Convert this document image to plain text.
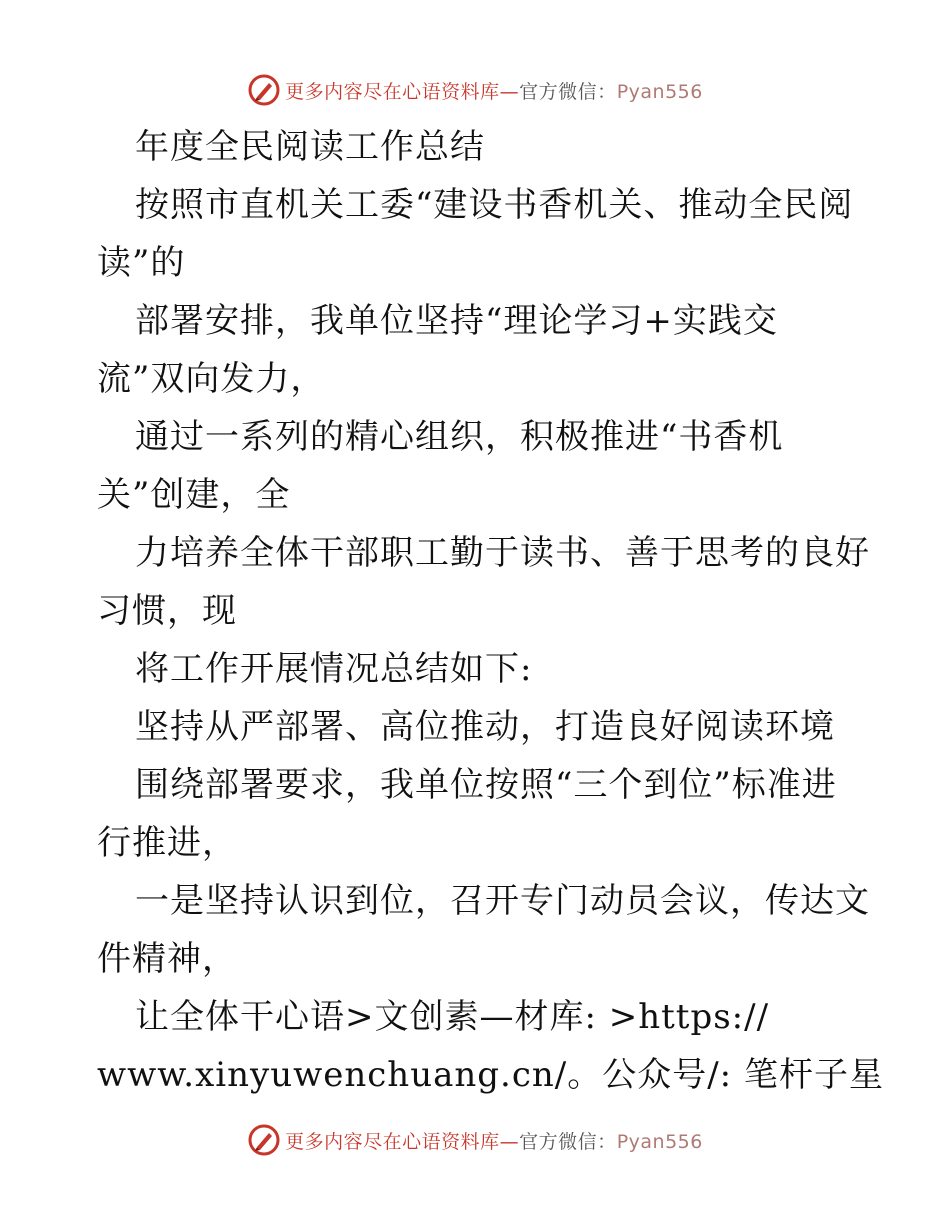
更多内容尽在心语资料库—官方微信：Pyan556
年度全民阅读工作总结
按照市直机关工委“建设书香机关、推动全民阅
读”的
部署安排，我单位坚持“理论学习+实践交
流”双向发力，
通过一系列的精心组织，积极推进“书香机
关”创建，全
力培养全体干部职工勤于读书、善于思考的良好
习惯，现
将工作开展情况总结如下:
坚持从严部署、高位推动，打造良好阅读环境
围绕部署要求，我单位按照“三个到位”标准进
行推进，
一是坚持认识到位，召开专门动员会议，传达文
件精神，
让全体干心语>文创素—材库: >https://
www.xinyuwenchuang.cn/。公众号/: 笔杆子星
更多内容尽在心语资料库—官方微信：Pyan556
